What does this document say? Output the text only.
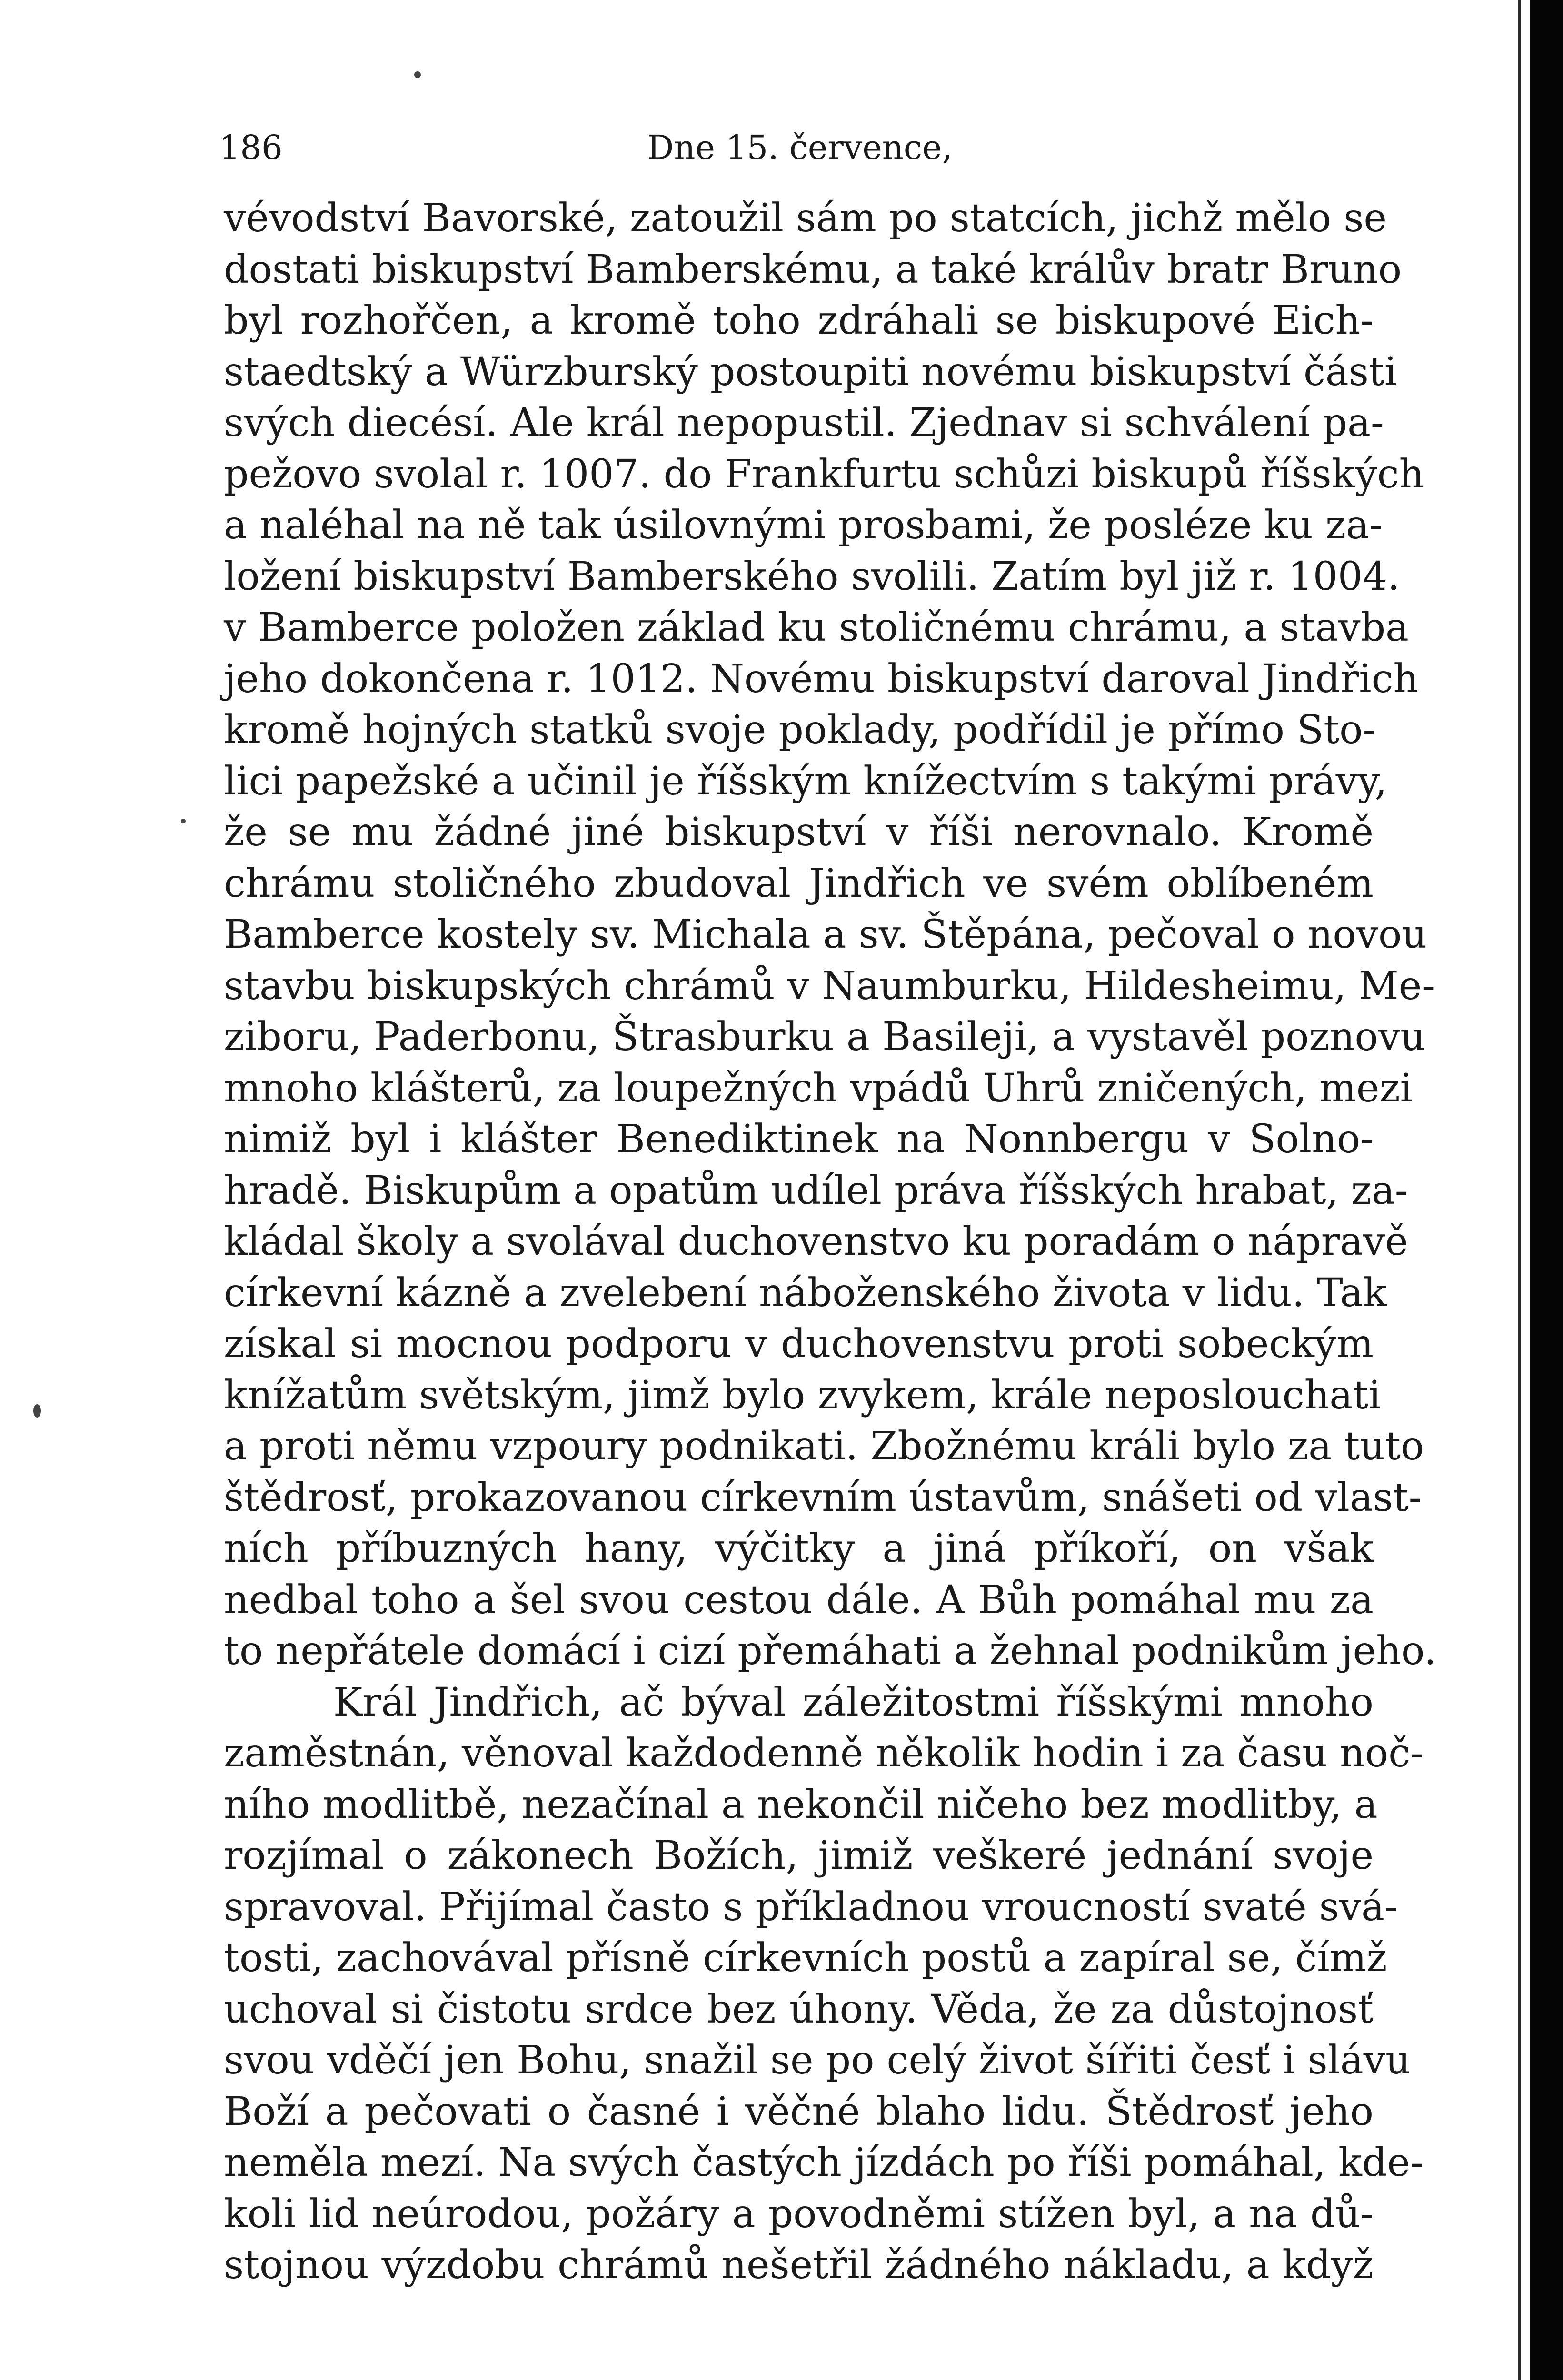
186	Dne 15. července,
vévodství Bavorské, zatoužil sám po statcích, jichž mělo se
dostati biskupství Bamberskému, a také králův bratr Bruno
byl rozhořčen, a kromě toho zdráhali se biskupové Eich-
staedtský a Würzburský postoupiti novému biskupství části
svých diecésí. Ale král nepopustil. Zjednav si schválení pa-
pežovo svolal r. 1007. do Frankfurtu schůzi biskupů říšských
a naléhal na ně tak úsilovnými prosbami, že posléze ku za-
ložení biskupství Bamberského svolili. Zatím byl již r. 1004.
v Bamberce položen základ ku stoličnému chrámu, a stavba
jeho dokončena r. 1012. Novému biskupství daroval Jindřich
kromě hojných statků svoje poklady, podřídil je přímo Sto-
lici papežské a učinil je říšským knížectvím s takými právy,
že se mu žádné jiné biskupství v říši nerovnalo. Kromě
chrámu stoličného zbudoval Jindřich ve svém oblíbeném
Bamberce kostely sv. Michala a sv. Štěpána, pečoval o novou
stavbu biskupských chrámů v Naumburku, Hildesheimu, Me-
ziboru, Paderbonu, Štrasburku a Basileji, a vystavěl poznovu
mnoho klášterů, za loupežných vpádů Uhrů zničených, mezi
nimiž byl i klášter Benediktinek na Nonnbergu v Solno-
hradě. Biskupům a opatům udílel práva říšských hrabat, za-
kládal školy a svolával duchovenstvo ku poradám o nápravě
církevní kázně a zvelebení náboženského života v lidu. Tak
získal si mocnou podporu v duchovenstvu proti sobeckým
knížatům světským, jimž bylo zvykem, krále neposlouchati
a proti němu vzpoury podnikati. Zbožnému králi bylo za tuto
štědrosť, prokazovanou církevním ústavům, snášeti od vlast-
ních příbuzných hany, výčitky a jiná příkoří, on však
nedbal toho a šel svou cestou dále. A Bůh pomáhal mu za
to nepřátele domácí i cizí přemáhati a žehnal podnikům jeho.
Král Jindřich, ač býval záležitostmi říšskými mnoho
zaměstnán, věnoval každodenně několik hodin i za času noč-
ního modlitbě, nezačínal a nekončil ničeho bez modlitby, a
rozjímal o zákonech Božích, jimiž veškeré jednání svoje
spravoval. Přijímal často s příkladnou vroucností svaté svá-
tosti, zachovával přísně církevních postů a zapíral se, čímž
uchoval si čistotu srdce bez úhony. Věda, že za důstojnosť
svou vděčí jen Bohu, snažil se po celý život šířiti česť i slávu
Boží a pečovati o časné i věčné blaho lidu. Štědrosť jeho
neměla mezí. Na svých častých jízdách po říši pomáhal, kde-
koli lid neúrodou, požáry a povodněmi stížen byl, a na dů-
stojnou výzdobu chrámů nešetřil žádného nákladu, a když
